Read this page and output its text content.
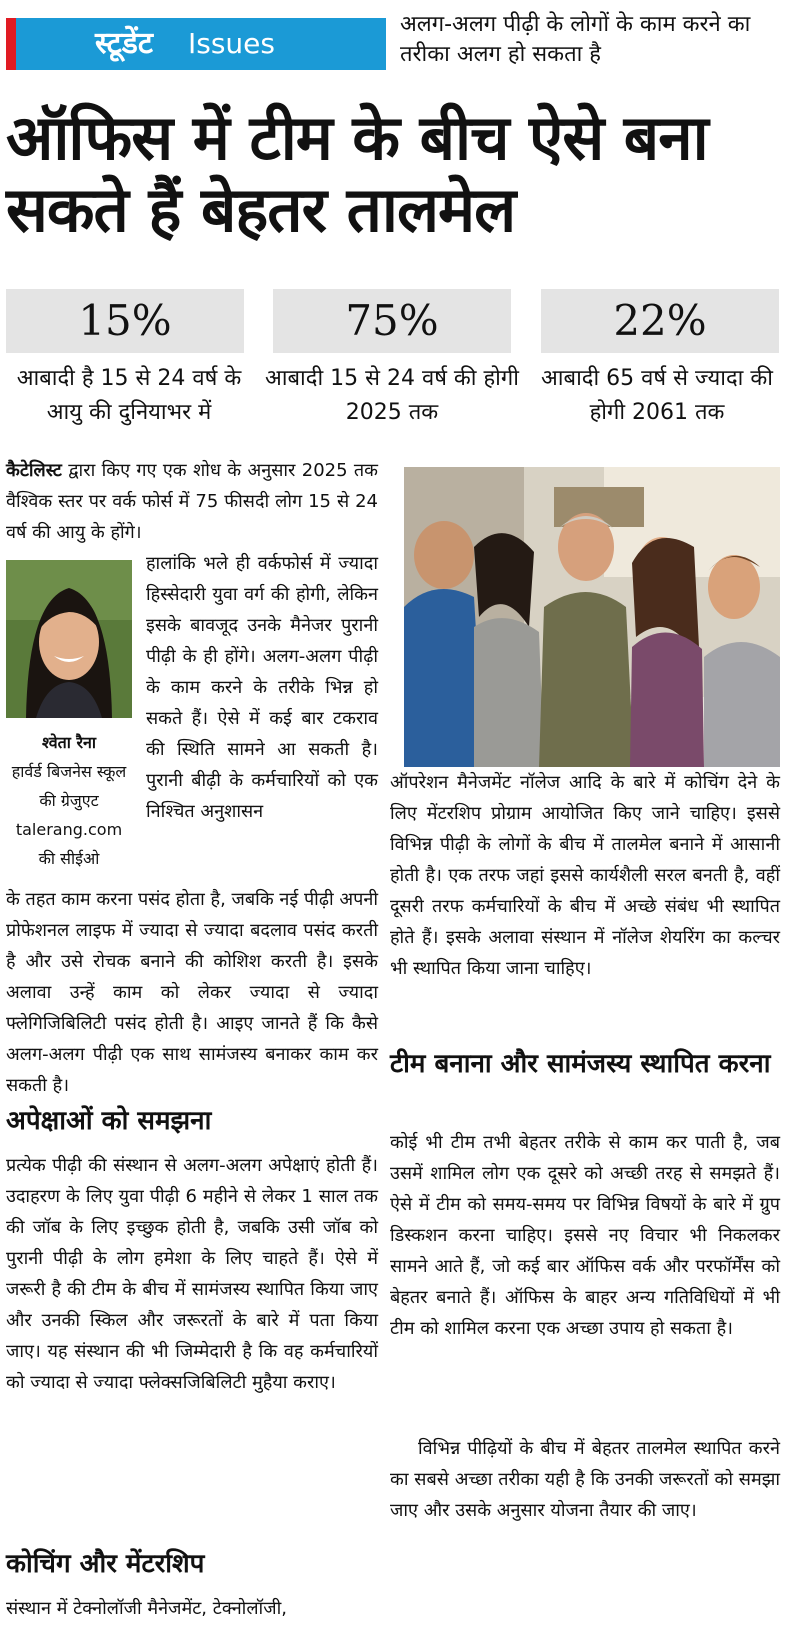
स्टूडेंट Issues
अलग-अलग पीढ़ी के लोगों के काम करने का तरीका अलग हो सकता है
ऑफिस में टीम के बीच ऐसे बना सकते हैं बेहतर तालमेल
15%	75%	22%
आबादी है 15 से 24 वर्ष के आयु की दुनियाभर में
आबादी 15 से 24 वर्ष की होगी 2025 तक
आबादी 65 वर्ष से ज्यादा की होगी 2061 तक
कैटेलिस्ट द्वारा किए गए एक शोध के अनुसार 2025 तक वैश्विक स्तर पर वर्क फोर्स में 75 फीसदी लोग 15 से 24 वर्ष की आयु के होंगे।
श्वेता रैना
हार्वर्ड बिजनेस स्कूल की ग्रेजुएट
talerang.com की सीईओ
हालांकि भले ही वर्कफोर्स में ज्यादा हिस्सेदारी युवा वर्ग की होगी, लेकिन इसके बावजूद उनके मैनेजर पुरानी पीढ़ी के ही होंगे। अलग-अलग पीढ़ी के काम करने के तरीके भिन्न हो सकते हैं। ऐसे में कई बार टकराव की स्थिति सामने आ सकती है। पुरानी बीढ़ी के कर्मचारियों को एक निश्चित अनुशासन
के तहत काम करना पसंद होता है, जबकि नई पीढ़ी अपनी प्रोफेशनल लाइफ में ज्यादा से ज्यादा बदलाव पसंद करती है और उसे रोचक बनाने की कोशिश करती है। इसके अलावा उन्हें काम को लेकर ज्यादा से ज्यादा फ्लेगिजिबिलिटी पसंद होती है। आइए जानते हैं कि कैसे अलग-अलग पीढ़ी एक साथ सामंजस्य बनाकर काम कर सकती है।
अपेक्षाओं को समझना
प्रत्येक पीढ़ी की संस्थान से अलग-अलग अपेक्षाएं होती हैं। उदाहरण के लिए युवा पीढ़ी 6 महीने से लेकर 1 साल तक की जॉब के लिए इच्छुक होती है, जबकि उसी जॉब को पुरानी पीढ़ी के लोग हमेशा के लिए चाहते हैं। ऐसे में जरूरी है की टीम के बीच में सामंजस्य स्थापित किया जाए और उनकी स्किल और जरूरतों के बारे में पता किया जाए। यह संस्थान की भी जिम्मेदारी है कि वह कर्मचारियों को ज्यादा से ज्यादा फ्लेक्सजिबिलिटी मुहैया कराए।
कोचिंग और मेंटरशिप
संस्थान में टेक्नोलॉजी मैनेजमेंट, टेक्नोलॉजी,
ऑपरेशन मैनेजमेंट नॉलेज आदि के बारे में कोचिंग देने के लिए मेंटरशिप प्रोग्राम आयोजित किए जाने चाहिए। इससे विभिन्न पीढ़ी के लोगों के बीच में तालमेल बनाने में आसानी होती है। एक तरफ जहां इससे कार्यशैली सरल बनती है, वहीं दूसरी तरफ कर्मचारियों के बीच में अच्छे संबंध भी स्थापित होते हैं। इसके अलावा संस्थान में नॉलेज शेयरिंग का कल्चर भी स्थापित किया जाना चाहिए।
टीम बनाना और सामंजस्य स्थापित करना
कोई भी टीम तभी बेहतर तरीके से काम कर पाती है, जब उसमें शामिल लोग एक दूसरे को अच्छी तरह से समझते हैं। ऐसे में टीम को समय-समय पर विभिन्न विषयों के बारे में ग्रुप डिस्कशन करना चाहिए। इससे नए विचार भी निकलकर सामने आते हैं, जो कई बार ऑफिस वर्क और परफॉर्मेंस को बेहतर बनाते हैं। ऑफिस के बाहर अन्य गतिविधियों में भी टीम को शामिल करना एक अच्छा उपाय हो सकता है।
विभिन्न पीढ़ियों के बीच में बेहतर तालमेल स्थापित करने का सबसे अच्छा तरीका यही है कि उनकी जरूरतों को समझा जाए और उसके अनुसार योजना तैयार की जाए।
